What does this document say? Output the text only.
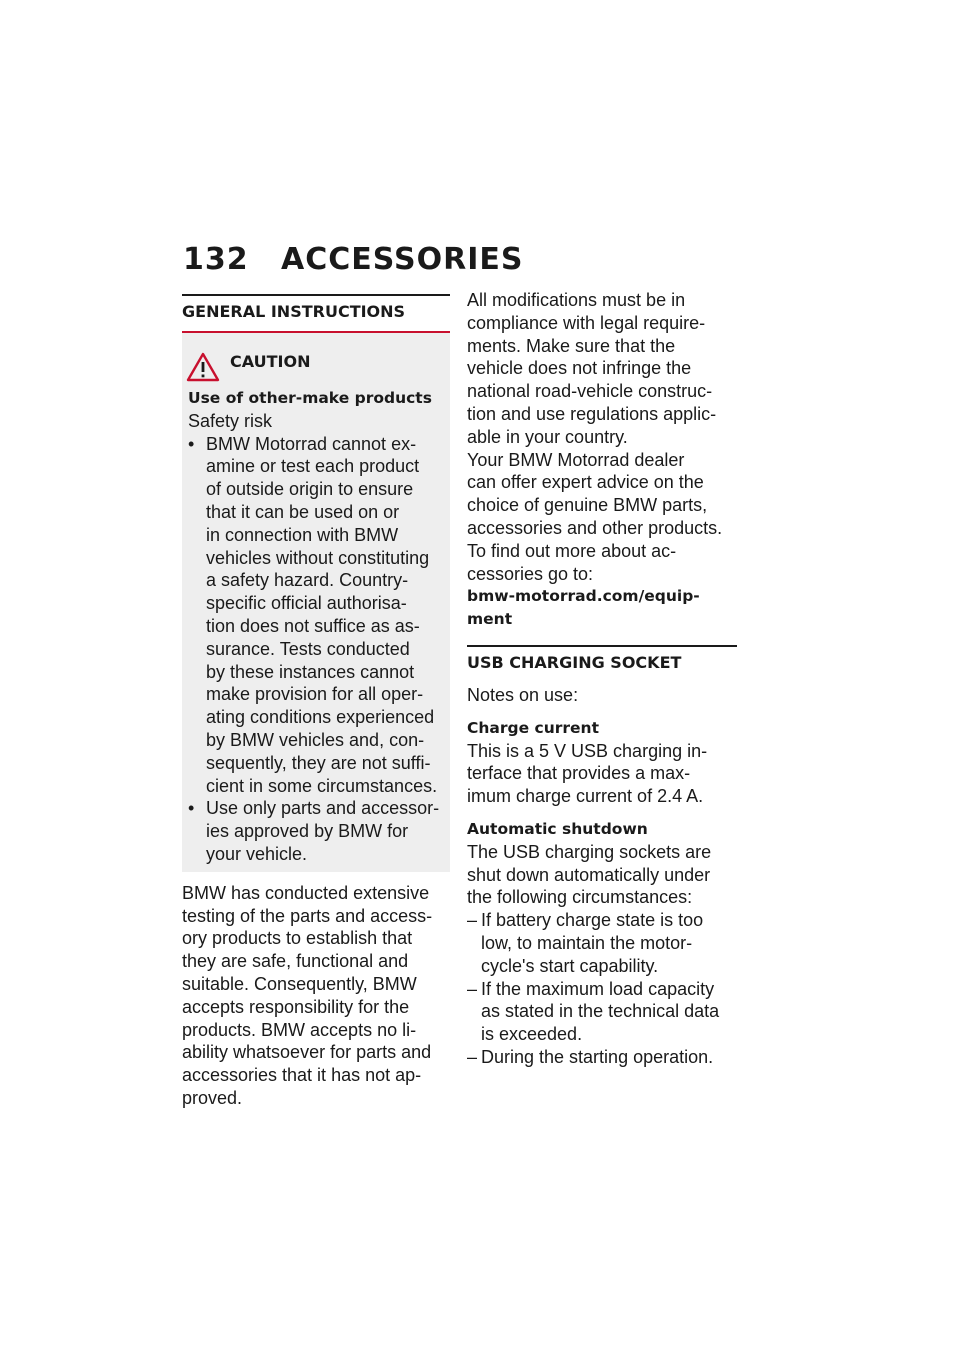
132 ACCESSORIES
GENERAL INSTRUCTIONS
CAUTION

Use of other-make products

Safety risk

• BMW Motorrad cannot ex-

amine or test each product

of outside origin to ensure

that it can be used on or

in connection with BMW

vehicles without constituting

a safety hazard. Country-

specific official authorisa-

tion does not suffice as as-

surance. Tests conducted

by these instances cannot

make provision for all oper-

ating conditions experienced

by BMW vehicles and, con-

sequently, they are not suffi-

cient in some circumstances.

• Use only parts and accessor-

ies approved by BMW for

your vehicle.

BMW has conducted extensive

testing of the parts and access-

ory products to establish that

they are safe, functional and

suitable. Consequently, BMW

accepts responsibility for the

products. BMW accepts no li-

ability whatsoever for parts and

accessories that it has not ap-

proved.

All modifications must be in

compliance with legal require-

ments. Make sure that the

vehicle does not infringe the

national road-vehicle construc-

tion and use regulations applic-

able in your country.

Your BMW Motorrad dealer

can offer expert advice on the

choice of genuine BMW parts,

accessories and other products.

To find out more about ac-

cessories go to:

bmw-motorrad.com/equip-

ment

USB CHARGING SOCKET

Notes on use:

Charge current

This is a 5 V USB charging in-

terface that provides a max-

imum charge current of 2.4 A.

Automatic shutdown

The USB charging sockets are

shut down automatically under

the following circumstances:

– If battery charge state is too

low, to maintain the motor-

cycle's start capability.

– If the maximum load capacity

as stated in the technical data

is exceeded.

– During the starting operation.
